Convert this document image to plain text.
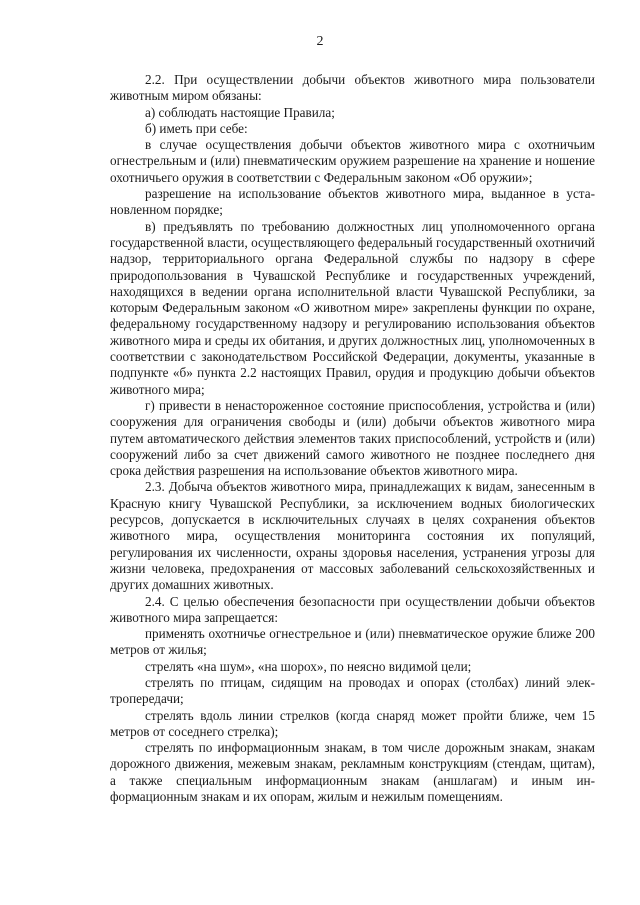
2

2.2. При осуществлении добычи объектов животного мира пользователи животным миром обязаны:

а) соблюдать настоящие Правила;

б) иметь при себе:

в случае осуществления добычи объектов животного мира с охотничьим огнестрельным и (или) пневматическим оружием разрешение на хранение и ношение охотничьего оружия в соответствии с Федеральным законом «Об оружии»;

разрешение на использование объектов животного мира, выданное в установленном порядке;

в) предъявлять по требованию должностных лиц уполномоченного органа государственной власти, осуществляющего федеральный государственный охотничий надзор, территориального органа Федеральной службы по надзору в сфере природопользования в Чувашской Республике и государственных учреждений, находящихся в ведении органа исполнительной власти Чувашской Республики, за которым Федеральным законом «О животном мире» закреплены функции по охране, федеральному государственному надзору и регулированию использования объектов животного мира и среды их обитания, и других должностных лиц, уполномоченных в соответствии с законодательством Российской Федерации, документы, указанные в подпункте «б» пункта 2.2 настоящих Правил, орудия и продукцию добычи объектов животного мира;

г) привести в ненастороженное состояние приспособления, устройства и (или) сооружения для ограничения свободы и (или) добычи объектов животного мира путем автоматического действия элементов таких приспособлений, устройств и (или) сооружений либо за счет движений самого животного не позднее последнего дня срока действия разрешения на использование объектов животного мира.

2.3. Добыча объектов животного мира, принадлежащих к видам, занесенным в Красную книгу Чувашской Республики, за исключением водных биологических ресурсов, допускается в исключительных случаях в целях сохранения объектов животного мира, осуществления мониторинга состояния их популяций, регулирования их численности, охраны здоровья населения, устранения угрозы для жизни человека, предохранения от массовых заболеваний сельскохозяйственных и других домашних животных.

2.4. С целью обеспечения безопасности при осуществлении добычи объектов животного мира запрещается:

применять охотничье огнестрельное и (или) пневматическое оружие ближе 200 метров от жилья;

стрелять «на шум», «на шорох», по неясно видимой цели;

стрелять по птицам, сидящим на проводах и опорах (столбах) линий электропередачи;

стрелять вдоль линии стрелков (когда снаряд может пройти ближе, чем 15 метров от соседнего стрелка);

стрелять по информационным знакам, в том числе дорожным знакам, знакам дорожного движения, межевым знакам, рекламным конструкциям (стендам, щитам), а также специальным информационным знакам (аншлагам) и иным информационным знакам и их опорам, жилым и нежилым помещениям.
